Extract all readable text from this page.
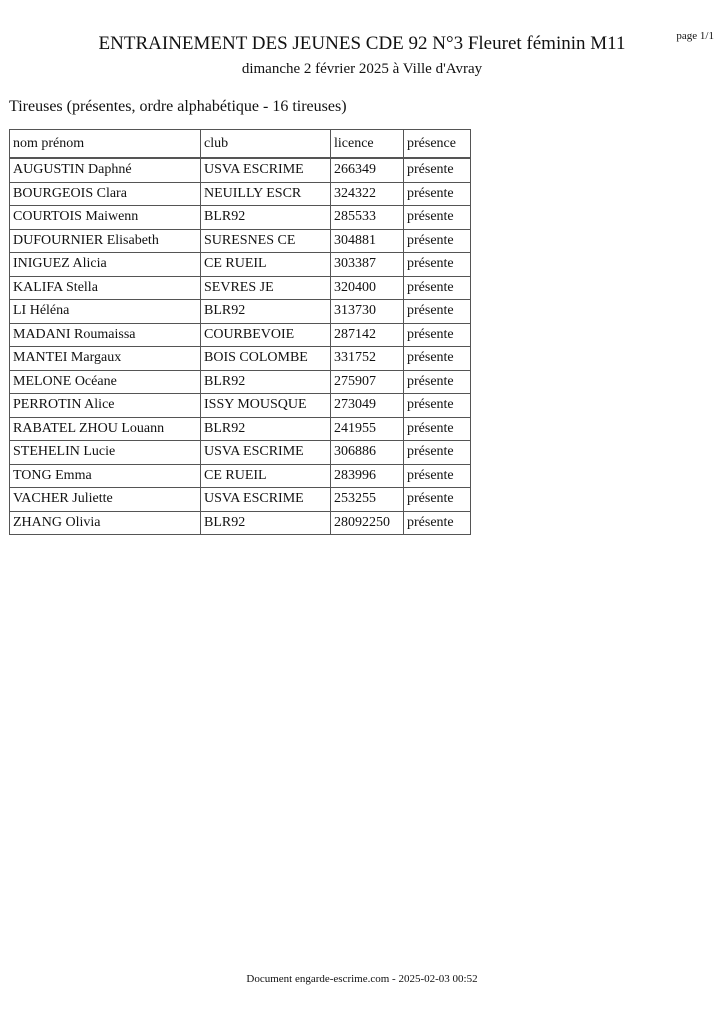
ENTRAINEMENT DES JEUNES CDE 92 N°3 Fleuret féminin M11	page 1/1
dimanche 2 février 2025 à Ville d'Avray
Tireuses (présentes, ordre alphabétique - 16 tireuses)
nom prénom	club	licence	présence
AUGUSTIN Daphné	USVA ESCRIME	266349	présente
BOURGEOIS Clara	NEUILLY ESCR	324322	présente
COURTOIS Maiwenn	BLR92	285533	présente
DUFOURNIER Elisabeth	SURESNES CE	304881	présente
INIGUEZ Alicia	CE RUEIL	303387	présente
KALIFA Stella	SEVRES JE	320400	présente
LI Héléna	BLR92	313730	présente
MADANI Roumaissa	COURBEVOIE	287142	présente
MANTEI Margaux	BOIS COLOMBE	331752	présente
MELONE Océane	BLR92	275907	présente
PERROTIN Alice	ISSY MOUSQUE	273049	présente
RABATEL ZHOU Louann	BLR92	241955	présente
STEHELIN Lucie	USVA ESCRIME	306886	présente
TONG Emma	CE RUEIL	283996	présente
VACHER Juliette	USVA ESCRIME	253255	présente
ZHANG Olivia	BLR92	28092250	présente
Document engarde-escrime.com - 2025-02-03 00:52
